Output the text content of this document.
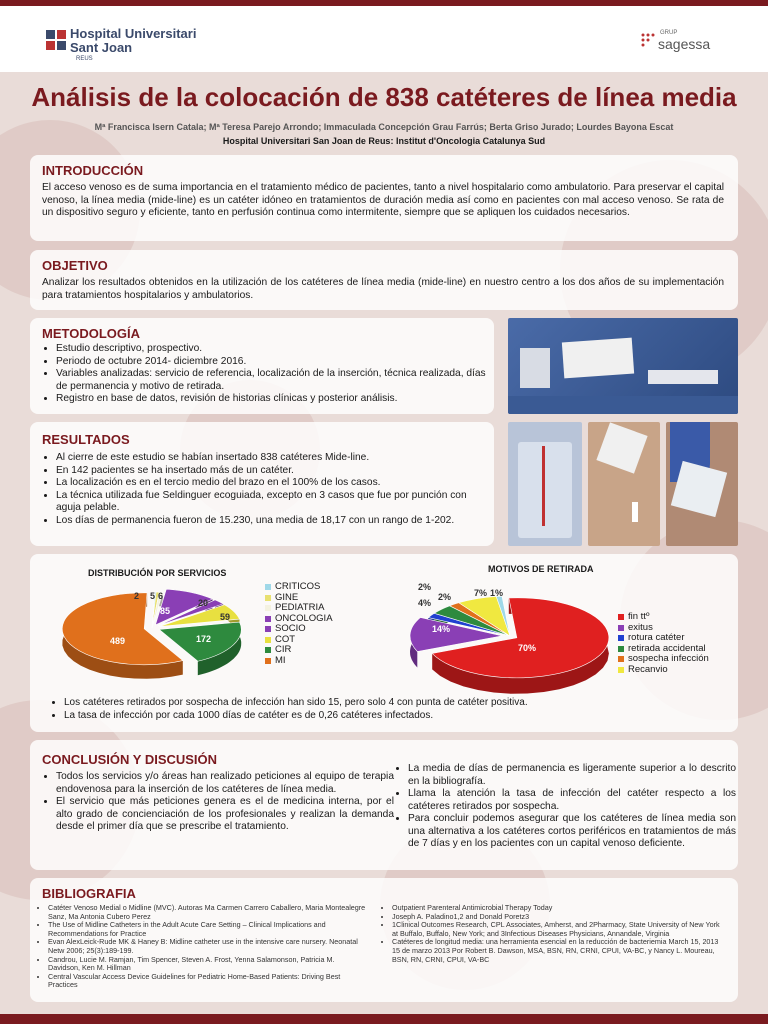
Hospital Universitari
Sant Joan
REUS
GRUP
sagessa
Análisis de la colocación de 838 catéteres de línea media
Mª Francisca Isern Catala; Mª Teresa Parejo Arrondo; Immaculada Concepción Grau Farrús; Berta Griso Jurado; Lourdes Bayona Escat
Hospital Universitari San Joan de Reus: Institut d'Oncologia Catalunya Sud
INTRODUCCIÓN
El acceso venoso es de suma importancia en el tratamiento médico de pacientes, tanto a nivel hospitalario como ambulatorio. Para preservar el capital venoso, la línea media (mide-line) es un catéter idóneo en tratamientos de duración media así como en pacientes con mal acceso venoso. Se rata de un dispositivo seguro y eficiente, tanto en perfusión continua como intermitente, siempre que se apliquen los cuidados necesarios.
OBJETIVO
Analizar los resultados obtenidos en la utilización de los catéteres de línea media (mide-line) en nuestro centro a los dos años de su implementación para tratamientos hospitalarios y ambulatorios.
METODOLOGÍA
• Estudio descriptivo, prospectivo.
• Periodo de octubre 2014- diciembre 2016.
• Variables analizadas: servicio de referencia, localización de la inserción, técnica realizada, días de permanencia y motivo de retirada.
• Registro en base de datos, revisión de historias clínicas y posterior análisis.
RESULTADOS
• Al cierre de este estudio se habían insertado 838 catéteres Mide-line.
• En 142 pacientes se ha insertado más de un catéter.
• La localización es en el tercio medio del brazo en el 100% de los casos.
• La técnica utilizada fue Seldinguer ecoguiada, excepto en 3 casos que fue por punción con aguja pelable.
• Los días de permanencia fueron de 15.230, una media de 18,17 con un rango de 1-202.
DISTRIBUCIÓN POR SERVICIOS	MOTIVOS DE RETIRADA
2 5 6
85
20
59
172
489
70%
14%
4%
2%
2%
7% 1%
CRITICOS
GINE
PEDIATRIA
ONCOLOGIA
SOCIO
COT
CIR
MI
fin ttº
exitus
rotura catéter
retirada accidental
sospecha infección
Recanvio
• Los catéteres retirados por sospecha de infección han sido 15, pero solo 4 con punta de catéter positiva.
• La tasa de infección por cada 1000 días de catéter es de 0,26 catéteres infectados.
CONCLUSIÓN Y DISCUSIÓN
• Todos los servicios y/o áreas han realizado peticiones al equipo de terapia endovenosa para la inserción de los catéteres de línea media.
• El servicio que más peticiones genera es el de medicina interna, por el alto grado de concienciación de los profesionales y realizan la demanda desde el primer día que se prescribe el tratamiento.
• La media de días de permanencia es ligeramente superior a lo descrito en la bibliografía.
• Llama la atención la tasa de infección del catéter respecto a los catéteres retirados por sospecha.
• Para concluir podemos asegurar que los catéteres de línea media son una alternativa a los catéteres cortos periféricos en tratamientos de más de 7 días y en los pacientes con un capital venoso deficiente.
BIBLIOGRAFIA
• Catéter Venoso Medial o Midline (MVC). Autoras Ma Carmen Carrero Caballero, Maria Montealegre Sanz, Ma Antonia Cubero Perez
• The Use of Midline Catheters in the Adult Acute Care Setting – Clinical Implications and Recommendations for Practice
• Evan AlexLeick-Rude MK & Haney B: Midline catheter use in the intensive care nursery. Neonatal Netw 2006; 25(3):189-199.
• Candrou, Lucie M. Ramjan, Tim Spencer, Steven A. Frost, Yenna Salamonson, Patricia M. Davidson, Ken M. Hillman
• Central Vascular Access Device Guidelines for Pediatric Home-Based Patients: Driving Best Practices
• Outpatient Parenteral Antimicrobial Therapy Today
• Joseph A. Paladino1,2 and Donald Poretz3
• 1Clinical Outcomes Research, CPL Associates, Amherst, and 2Pharmacy, State University of New York at Buffalo, Buffalo, New York; and 3Infectious Diseases Physicians, Annandale, Virginia
• Catéteres de longitud media: una herramienta esencial en la reducción de bacteriemia March 15, 2013 15 de marzo 2013 Por Robert B. Dawson, MSA, BSN, RN, CRNI, CPUI, VA-BC, y Nancy L. Moureau, BSN, RN, CRNI, CPUI, VA-BC
